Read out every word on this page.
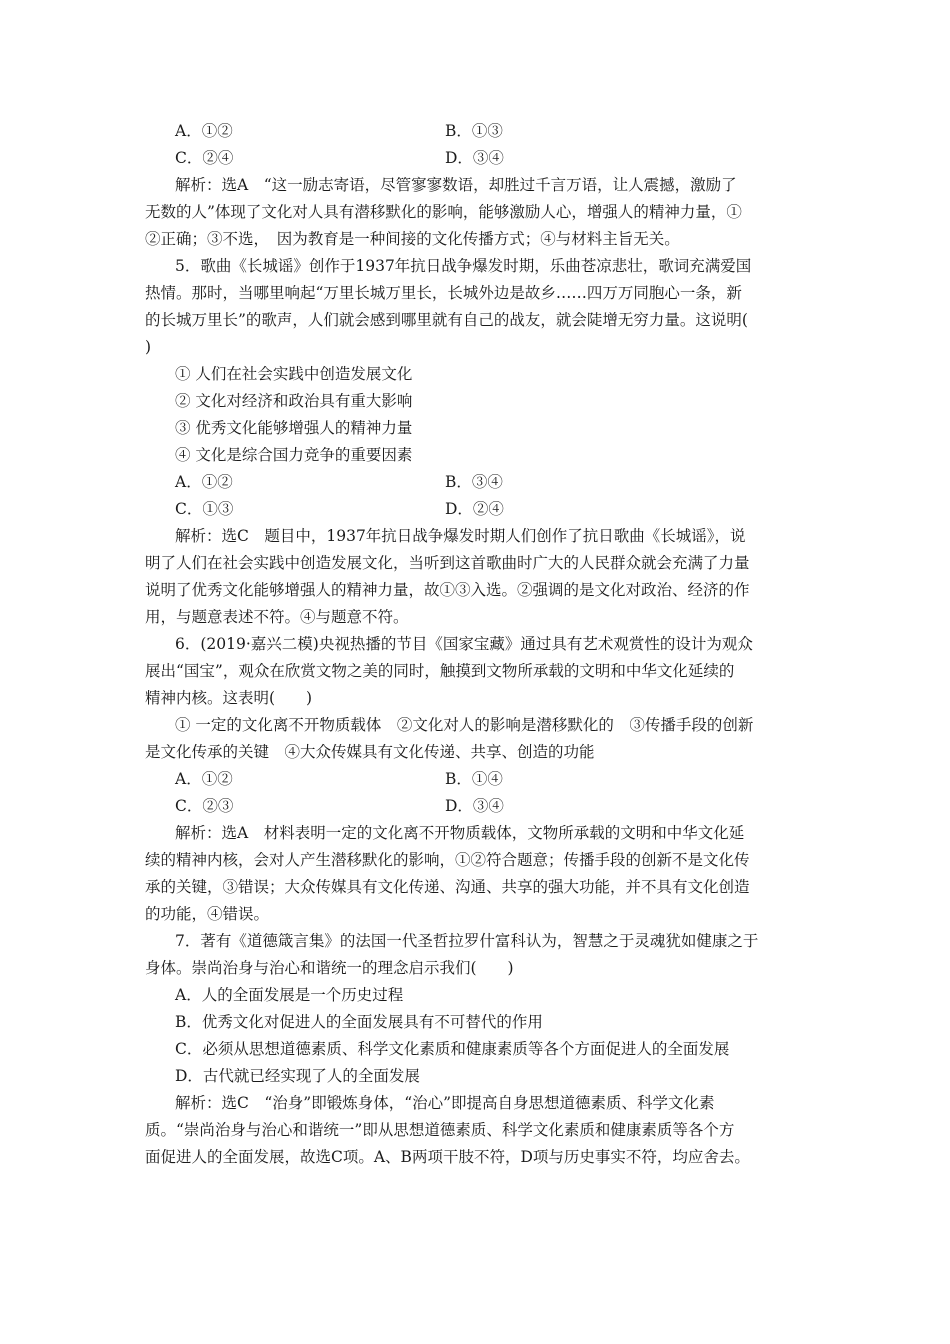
A．①②	B．①③
C．②④	D．③④
解析：选A　“这一励志寄语，尽管寥寥数语，却胜过千言万语，让人震撼，激励了
无数的人”体现了文化对人具有潜移默化的影响，能够激励人心，增强人的精神力量，①
②正确；③不选，　因为教育是一种间接的文化传播方式；④与材料主旨无关。
5．歌曲《长城谣》创作于1937年抗日战争爆发时期，乐曲苍凉悲壮，歌词充满爱国
热情。那时，当哪里响起“万里长城万里长，长城外边是故乡……四万万同胞心一条，新
的长城万里长”的歌声，人们就会感到哪里就有自己的战友，就会陡增无穷力量。这说明(
)
① 人们在社会实践中创造发展文化
② 文化对经济和政治具有重大影响
③ 优秀文化能够增强人的精神力量
④ 文化是综合国力竞争的重要因素
A．①②	B．③④
C．①③	D．②④
解析：选C　题目中，1937年抗日战争爆发时期人们创作了抗日歌曲《长城谣》，说
明了人们在社会实践中创造发展文化，当听到这首歌曲时广大的人民群众就会充满了力量
说明了优秀文化能够增强人的精神力量，故①③入选。②强调的是文化对政治、经济的作
用，与题意表述不符。④与题意不符。
6．(2019·嘉兴二模)央视热播的节目《国家宝藏》通过具有艺术观赏性的设计为观众
展出“国宝”，观众在欣赏文物之美的同时，触摸到文物所承载的文明和中华文化延续的
精神内核。这表明(　　)
① 一定的文化离不开物质载体　②文化对人的影响是潜移默化的　③传播手段的创新
是文化传承的关键　④大众传媒具有文化传递、共享、创造的功能
A．①②	B．①④
C．②③	D．③④
解析：选A　材料表明一定的文化离不开物质载体，文物所承载的文明和中华文化延
续的精神内核，会对人产生潜移默化的影响，①②符合题意；传播手段的创新不是文化传
承的关键，③错误；大众传媒具有文化传递、沟通、共享的强大功能，并不具有文化创造
的功能，④错误。
7．著有《道德箴言集》的法国一代圣哲拉罗什富科认为，智慧之于灵魂犹如健康之于
身体。崇尚治身与治心和谐统一的理念启示我们(　　)
A．人的全面发展是一个历史过程
B．优秀文化对促进人的全面发展具有不可替代的作用
C．必须从思想道德素质、科学文化素质和健康素质等各个方面促进人的全面发展
D．古代就已经实现了人的全面发展
解析：选C　“治身”即锻炼身体，“治心”即提高自身思想道德素质、科学文化素
质。“崇尚治身与治心和谐统一”即从思想道德素质、科学文化素质和健康素质等各个方
面促进人的全面发展，故选C项。A、B两项干肢不符，D项与历史事实不符，均应舍去。
